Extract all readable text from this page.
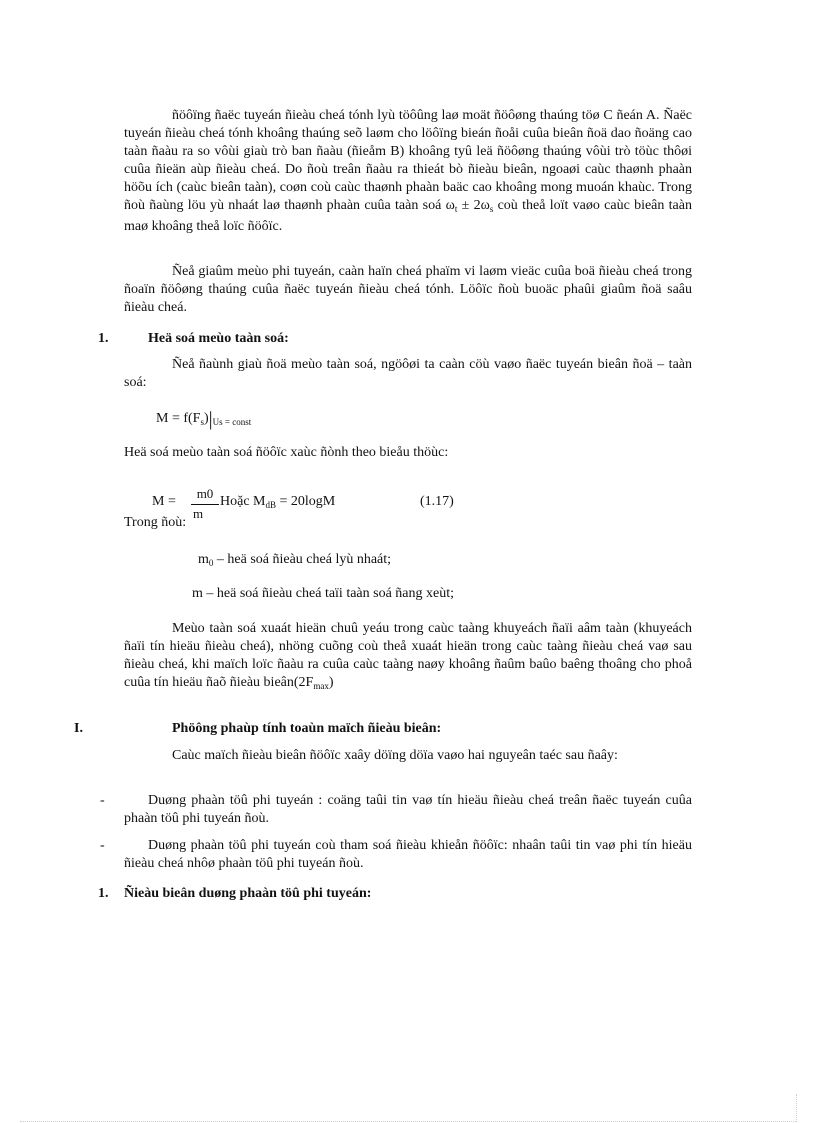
ñöôïng ñaëc tuyeán ñieàu cheá tónh lyù töôûng laø moät ñöôøng thaúng töø C ñeán A. Ñaëc tuyeán ñieàu cheá tónh khoâng thaúng seõ laøm cho löôïng bieán ñoåi cuûa bieân ñoä dao ñoäng cao taàn ñaàu ra so vôùi giaù trò ban ñaàu (ñieåm B) khoâng tyû leä ñöôøng thaúng vôùi trò töùc thôøi cuûa ñieän aùp ñieàu cheá. Do ñoù treân ñaàu ra thieát bò ñieàu bieân, ngoaøi caùc thaønh phaàn höõu ích (caùc bieân taàn), coøn coù caùc thaønh phaàn baäc cao khoâng mong muoán khaùc. Trong ñoù ñaùng löu yù nhaát laø thaønh phaàn cuûa taàn soá $\omega_t \pm 2\omega_s$ coù theå loït vaøo caùc bieân taàn maø khoâng theå loïc ñöôïc.

Ñeå giaûm meùo phi tuyeán, caàn haïn cheá phaïm vi laøm vieäc cuûa boä ñieàu cheá trong ñoaïn ñöôøng thaúng cuûa ñaëc tuyeán ñieàu cheá tónh. Löôïc ñoù buoäc phaûi giaûm ñoä saâu ñieàu cheá.

1.	Heä soá meùo taàn soá:

Ñeå ñaùnh giaù ñoä meùo taàn soá, ngöôøi ta caàn cöù vaøo ñaëc tuyeán bieân ñoä – taàn soá:

$M = f(F_s)|_{Us = const}$
Heä soá meùo taàn soá ñöôïc xaùc ñònh theo bieåu thöùc:
M =
m0
m
Hoặc $M_{dB} = 20\log M$	(1.17)
Trong ñoù:
$m_0$ – heä soá ñieàu cheá lyù nhaát;
m – heä soá ñieàu cheá taïi taàn soá ñang xeùt;

Meùo taàn soá xuaát hieän chuû yeáu trong caùc taàng khuyeách ñaïi aâm taàn (khuyeách ñaïi tín hieäu ñieàu cheá), nhöng cuõng coù theå xuaát hieän trong caùc taàng ñieàu cheá vaø sau ñieàu cheá, khi maïch loïc ñaàu ra cuûa caùc taàng naøy khoâng ñaûm baûo baêng thoâng cho phoå cuûa tín hieäu ñaõ ñieàu $bieân(2F_{max})$

I.	Phöông phaùp tính toaùn maïch ñieàu bieân:

Caùc maïch ñieàu bieân ñöôïc xaây döïng döïa vaøo hai nguyeân taéc sau ñaây:

-	Duøng phaàn töû phi tuyeán : coäng taûi tin vaø tín hieäu ñieàu cheá treân ñaëc tuyeán cuûa phaàn töû phi tuyeán ñoù.

-	Duøng phaàn töû phi tuyeán coù tham soá ñieàu khieån ñöôïc: nhaân taûi tin vaø phi tín hieäu ñieàu cheá nhôø phaàn töû phi tuyeán ñoù.

1. Ñieàu bieân duøng phaàn töû phi tuyeán:
